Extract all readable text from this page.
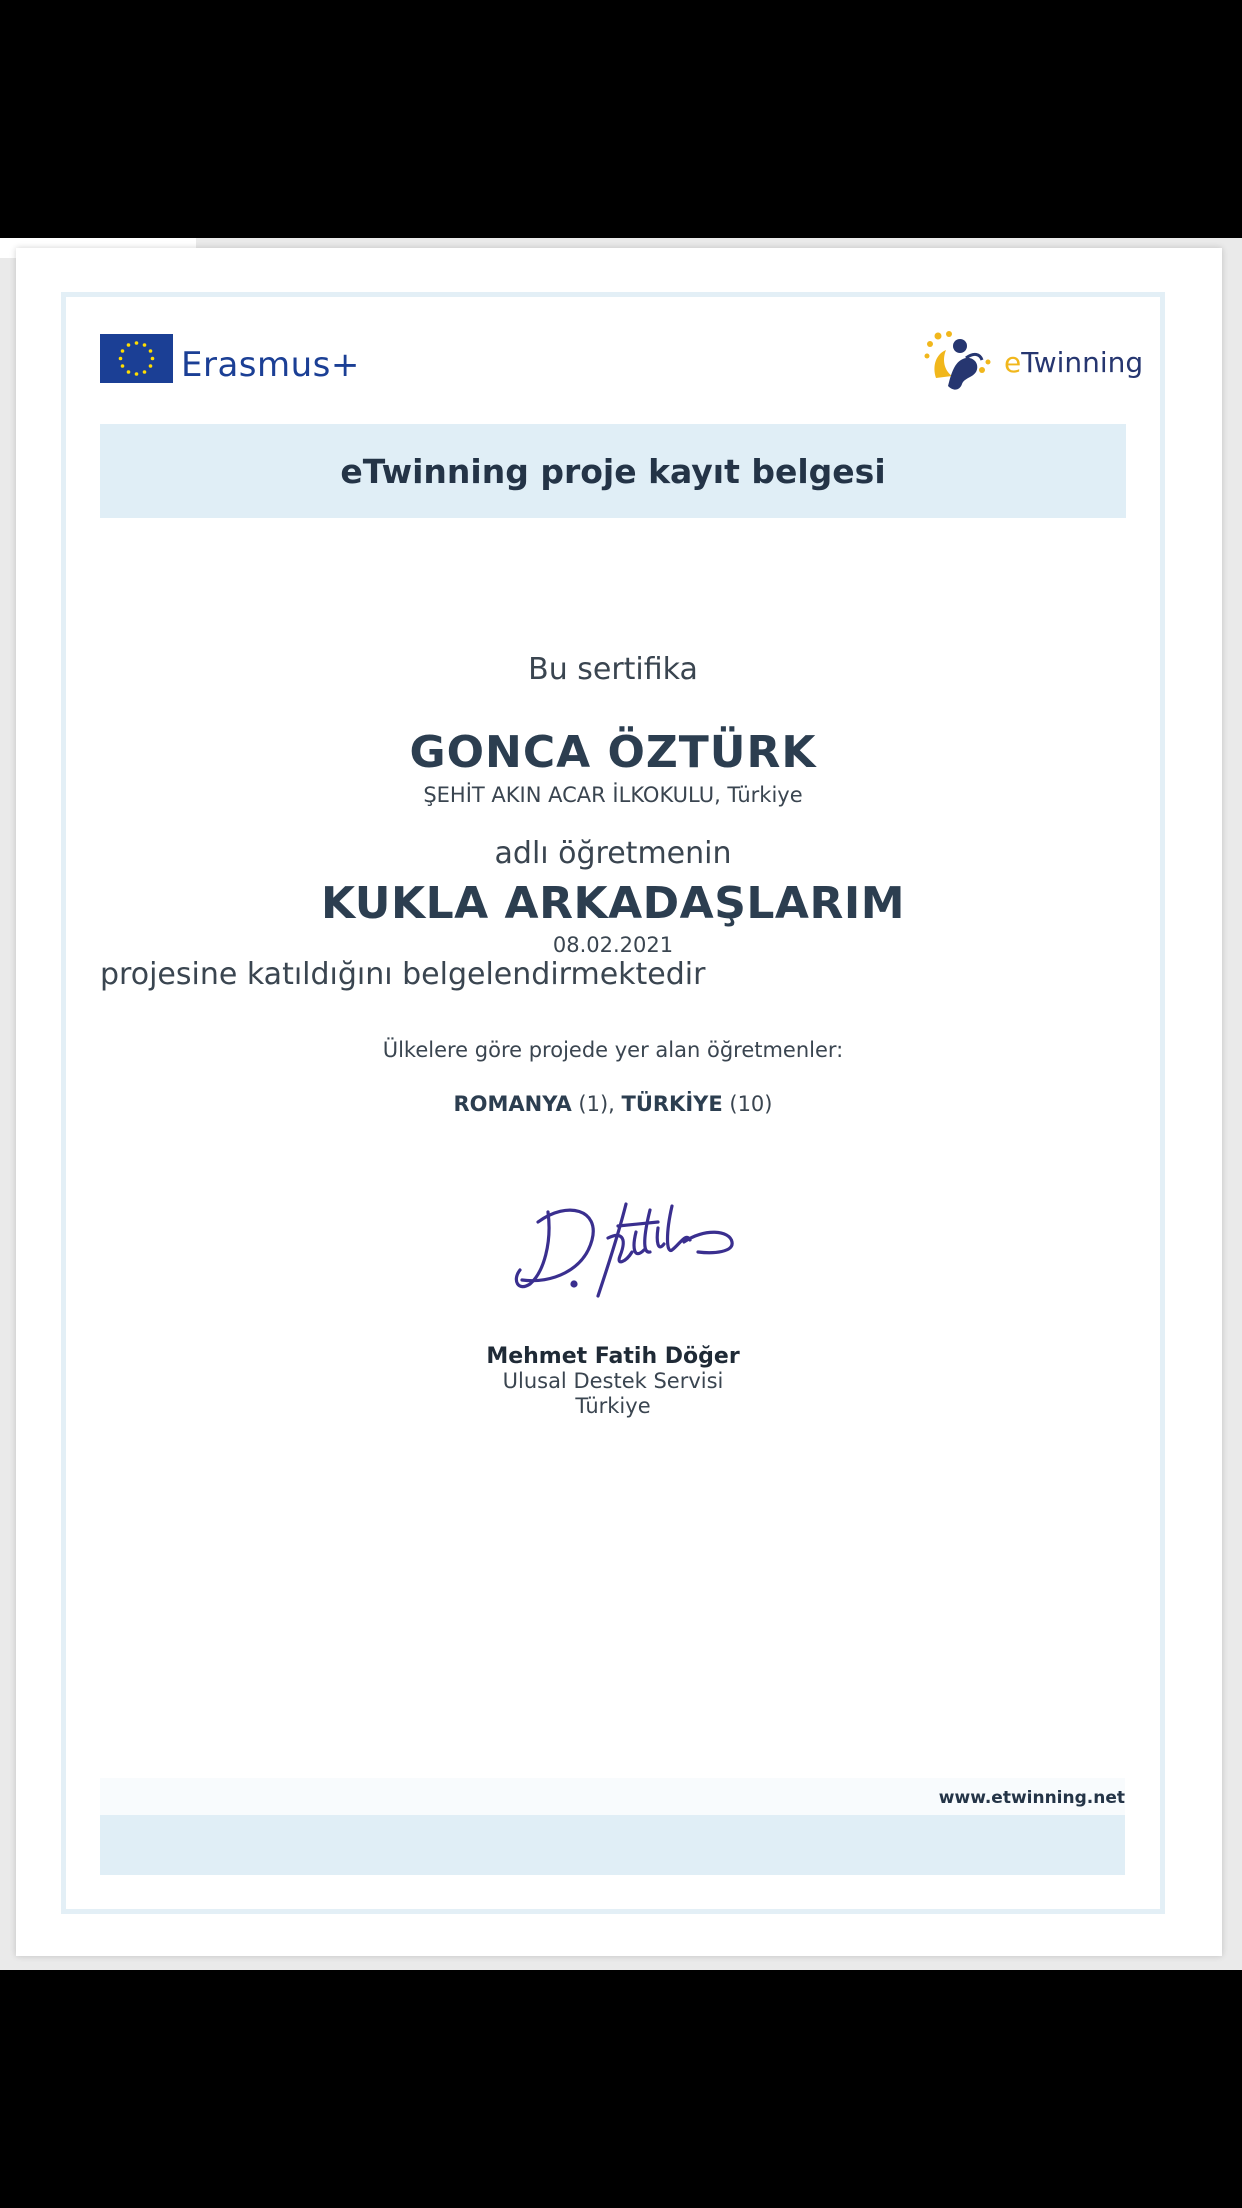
Erasmus+	eTwinning
eTwinning proje kayıt belgesi
Bu sertifika
GONCA ÖZTÜRK
ŞEHİT AKIN ACAR İLKOKULU, Türkiye
adlı öğretmenin
KUKLA ARKADAŞLARIM
08.02.2021
projesine katıldığını belgelendirmektedir
Ülkelere göre projede yer alan öğretmenler:
ROMANYA (1), TÜRKİYE (10)
Mehmet Fatih Döğer
Ulusal Destek Servisi
Türkiye
www.etwinning.net
